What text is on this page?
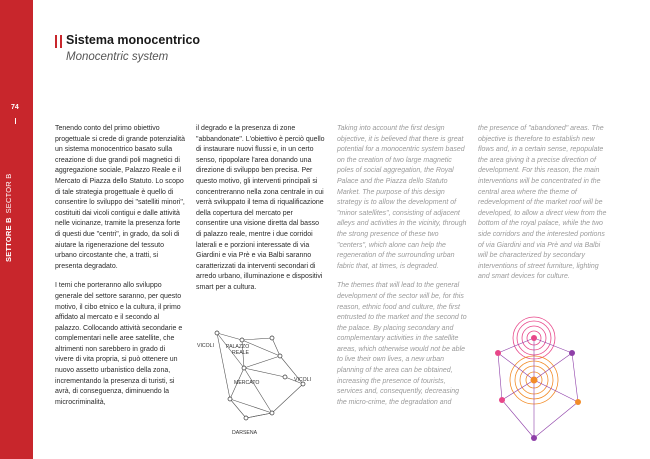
74
SETTORE BSECTOR B
Sistema monocentrico
Monocentric system

Tenendo conto del primo obiettivo progettuale si crede di grande potenzialità un sistema monocentrico basato sulla creazione di due grandi poli magnetici di aggregazione sociale, Palazzo Reale e il Mercato di Piazza dello Statuto. Lo scopo di tale strategia progettuale è quello di consentire lo sviluppo dei "satelliti minori", costituiti dai vicoli contigui e dalle attività nelle vicinanze, tramite la presenza forte di questi due "centri", in grado, da soli di aiutare la rigenerazione del tessuto urbano circostante che, a tratti, si presenta degradato.

I temi che porteranno allo sviluppo generale del settore saranno, per questo motivo, il cibo etnico e la cultura, il primo affidato al mercato e il secondo al palazzo. Collocando attività secondarie e complementari nelle aree satellite, che altrimenti non sarebbero in grado di vivere di vita propria, si può ottenere un nuovo assetto urbanistico della zona, incrementando la presenza di turisti, si avrà, di conseguenza, diminuendo la microcriminalità,

il degrado e la presenza di zone "abbandonate". L'obiettivo è perciò quello di instaurare nuovi flussi e, in un certo senso, ripopolare l'area donando una direzione di sviluppo ben precisa. Per questo motivo, gli interventi principali si concentreranno nella zona centrale in cui verrà sviluppato il tema di riqualificazione della copertura del mercato per consentire una visione diretta dal basso di palazzo reale, mentre i due corridoi laterali e e porzioni interessate di via Giardini e via Prè e via Balbi saranno caratterizzati da interventi secondari di arredo urbano, illuminazione e dispositivi smart per a cultura.

Taking into account the first design objective, it is believed that there is great potential for a monocentric system based on the creation of two large magnetic poles of social aggregation, the Royal Palace and the Piazza dello Statuto Market. The purpose of this design strategy is to allow the development of "minor satellites", consisting of adjacent alleys and activities in the vicinity, through the strong presence of these two "centers", which alone can help the regeneration of the surrounding urban fabric that, at times, is degraded.

The themes that will lead to the general development of the sector will be, for this reason, ethnic food and culture, the first entrusted to the market and the second to the palace. By placing secondary and complementary activities in the satellite areas, which otherwise would not be able to live their own lives, a new urban planning of the area can be obtained, increasing the presence of tourists, services and, consequently, decreasing the micro-crime, the degradation and

the presence of "abandoned" areas. The objective is therefore to establish new flows and, in a certain sense, repopulate the area giving it a precise direction of development. For this reason, the main interventions will be concentrated in the central area where the theme of redevelopment of the market roof will be developed, to allow a direct view from the bottom of the royal palace, while the two side corridors and the interested portions of via Giardini and via Prè and via Balbi will be characterized by secondary interventions of street furniture, lighting and smart devices for culture.

VICOLI PALAZZO REALE
MERCATO	VICOLI
DARSENA
